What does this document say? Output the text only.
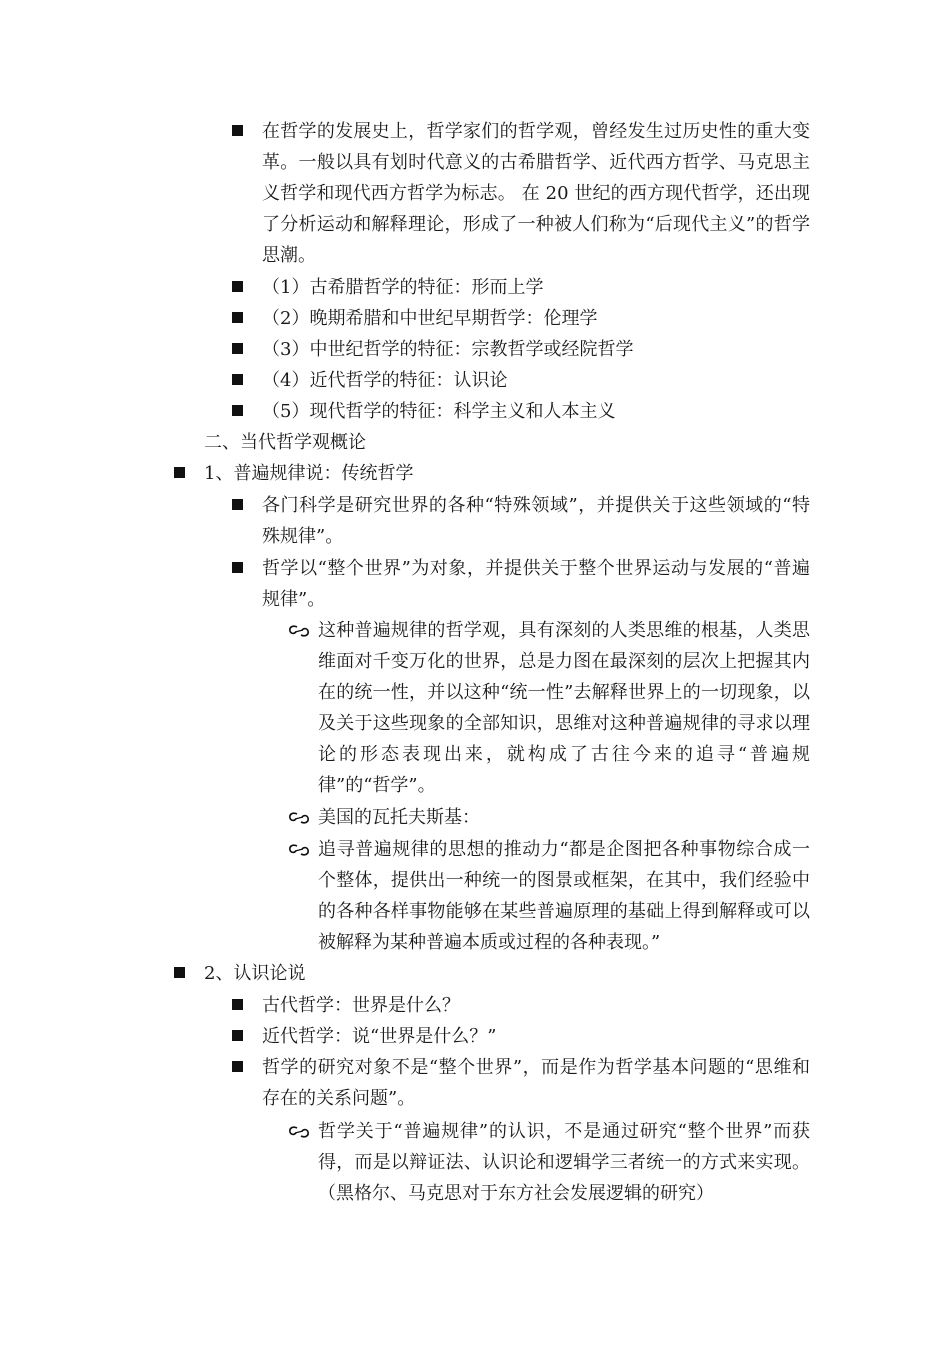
在哲学的发展史上，哲学家们的哲学观，曾经发生过历史性的重大变革。一般以具有划时代意义的古希腊哲学、近代西方哲学、马克思主义哲学和现代西方哲学为标志。 在 20 世纪的西方现代哲学，还出现了分析运动和解释理论，形成了一种被人们称为“后现代主义”的哲学思潮。
（1）古希腊哲学的特征：形而上学
（2）晚期希腊和中世纪早期哲学：伦理学
（3）中世纪哲学的特征：宗教哲学或经院哲学
（4）近代哲学的特征：认识论
（5）现代哲学的特征：科学主义和人本主义
二、当代哲学观概论
1、普遍规律说：传统哲学
各门科学是研究世界的各种“特殊领域”，并提供关于这些领域的“特殊规律”。
哲学以“整个世界”为对象，并提供关于整个世界运动与发展的“普遍规律”。
这种普遍规律的哲学观，具有深刻的人类思维的根基，人类思维面对千变万化的世界，总是力图在最深刻的层次上把握其内在的统一性，并以这种“统一性”去解释世界上的一切现象，以及关于这些现象的全部知识，思维对这种普遍规律的寻求以理论的形态表现出来，就构成了古往今来的追寻“普遍规律”的“哲学”。
美国的瓦托夫斯基：
追寻普遍规律的思想的推动力“都是企图把各种事物综合成一个整体，提供出一种统一的图景或框架，在其中，我们经验中的各种各样事物能够在某些普遍原理的基础上得到解释或可以被解释为某种普遍本质或过程的各种表现。”
2、认识论说
古代哲学：世界是什么？
近代哲学：说“世界是什么？”
哲学的研究对象不是“整个世界”，而是作为哲学基本问题的“思维和存在的关系问题”。
哲学关于“普遍规律”的认识，不是通过研究“整个世界”而获得，而是以辩证法、认识论和逻辑学三者统一的方式来实现。（黑格尔、马克思对于东方社会发展逻辑的研究）
